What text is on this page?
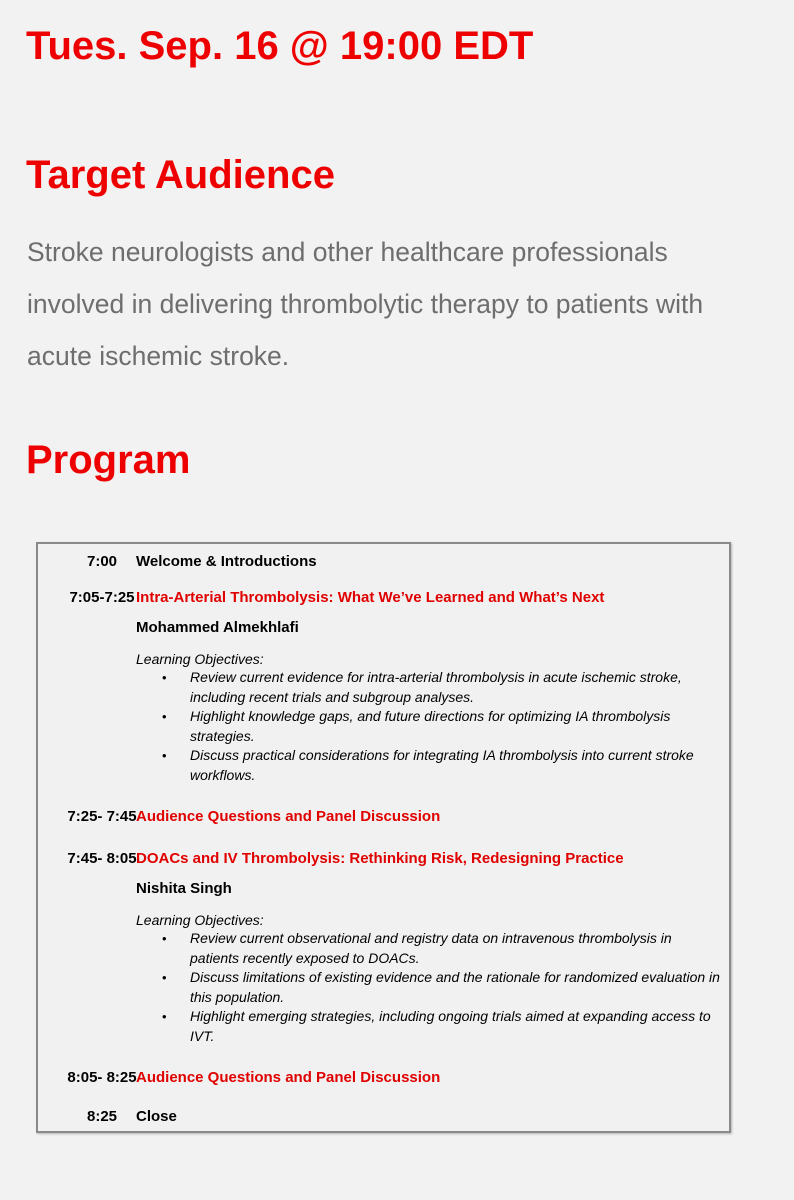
Tues. Sep. 16 @ 19:00 EDT
Target Audience

Stroke neurologists and other healthcare professionals involved in delivering thrombolytic therapy to patients with acute ischemic stroke.

Program
7:00	Welcome & Introductions
7:05-7:25 Intra-Arterial Thrombolysis: What We’ve Learned and What’s Next
Mohammed Almekhlafi
Learning Objectives:
• Review current evidence for intra-arterial thrombolysis in acute ischemic stroke, including recent trials and subgroup analyses.
• Highlight knowledge gaps, and future directions for optimizing IA thrombolysis strategies.
• Discuss practical considerations for integrating IA thrombolysis into current stroke workflows.
7:25- 7:45 Audience Questions and Panel Discussion
7:45- 8:05 DOACs and IV Thrombolysis: Rethinking Risk, Redesigning Practice
Nishita Singh
Learning Objectives:
• Review current observational and registry data on intravenous thrombolysis in patients recently exposed to DOACs.
• Discuss limitations of existing evidence and the rationale for randomized evaluation in this population.
• Highlight emerging strategies, including ongoing trials aimed at expanding access to IVT.
8:05- 8:25 Audience Questions and Panel Discussion
8:25	Close
